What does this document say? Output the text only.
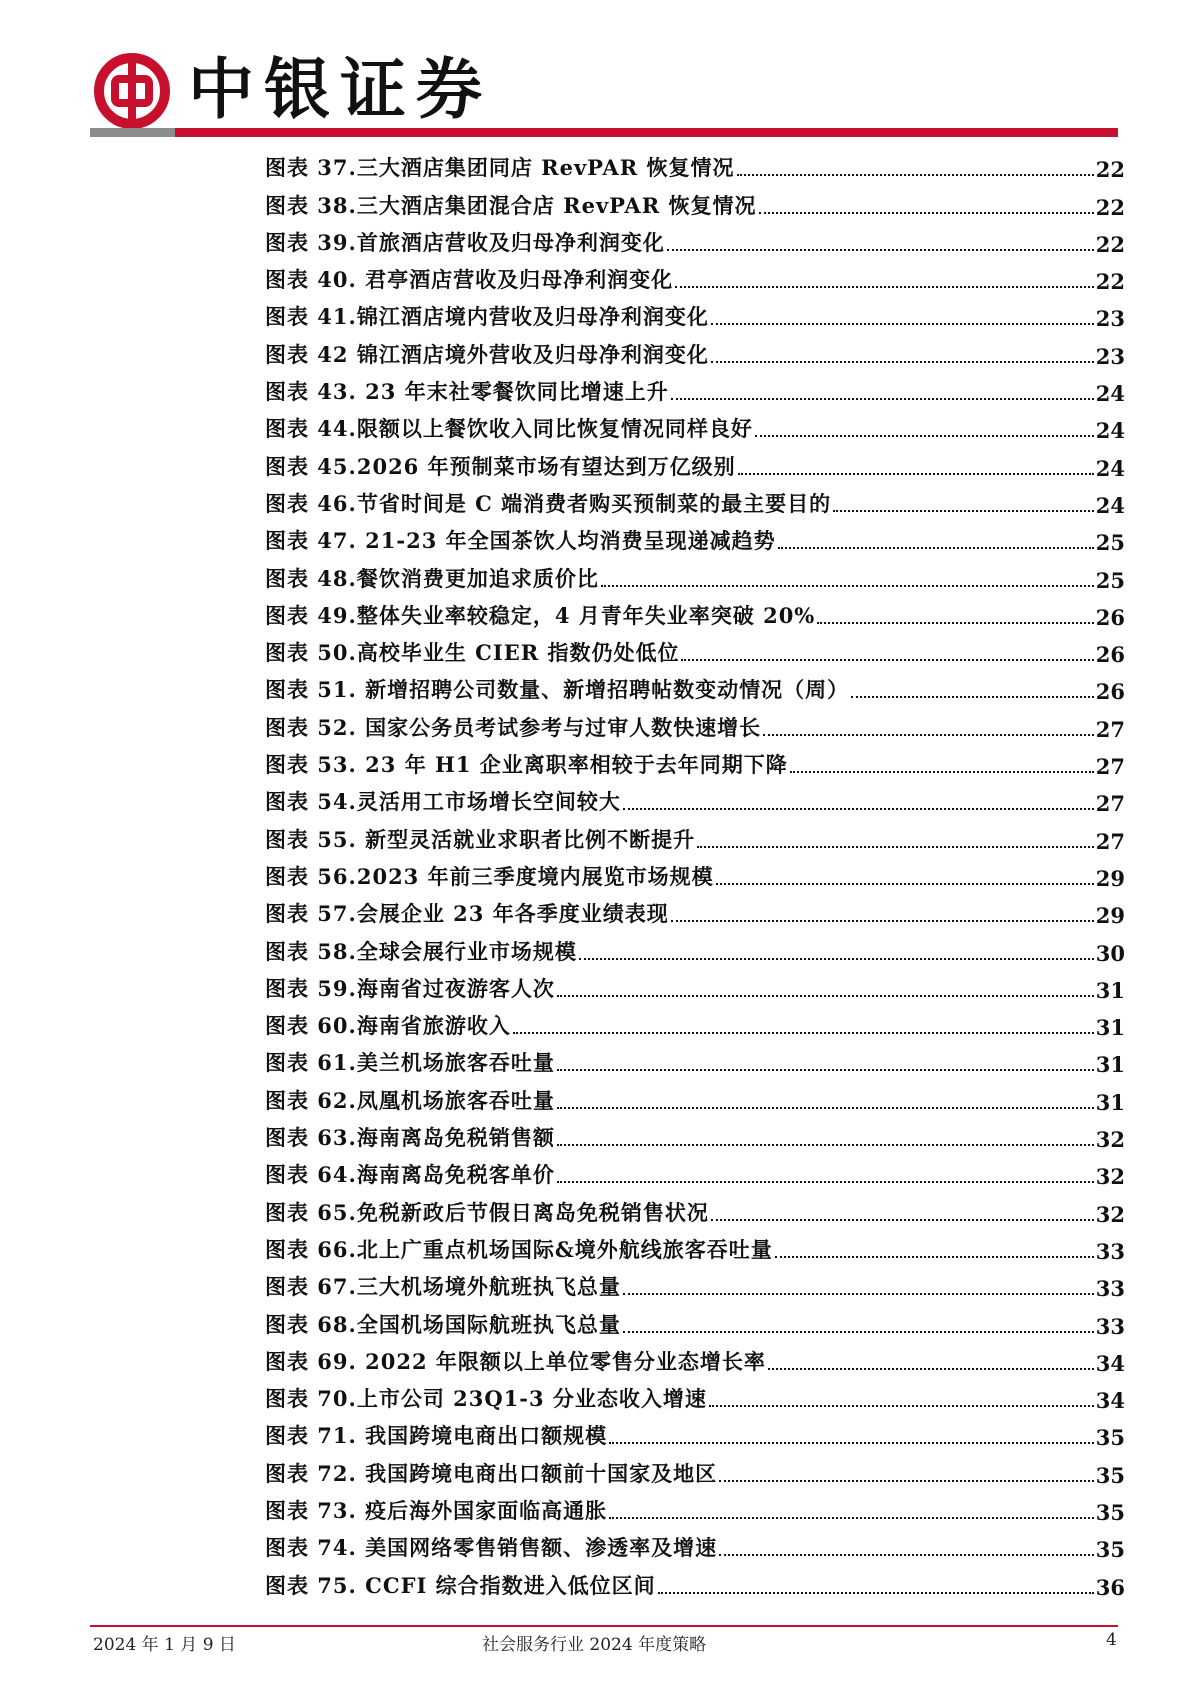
中银证券
图表 37.三大酒店集团同店 RevPAR 恢复情况	22
图表 38.三大酒店集团混合店 RevPAR 恢复情况	22
图表 39.首旅酒店营收及归母净利润变化	22
图表 40. 君亭酒店营收及归母净利润变化	22
图表 41.锦江酒店境内营收及归母净利润变化	23
图表 42 锦江酒店境外营收及归母净利润变化	23
图表 43. 23 年末社零餐饮同比增速上升	24
图表 44.限额以上餐饮收入同比恢复情况同样良好	24
图表 45.2026 年预制菜市场有望达到万亿级别	24
图表 46.节省时间是 C 端消费者购买预制菜的最主要目的	24
图表 47. 21-23 年全国茶饮人均消费呈现递减趋势	25
图表 48.餐饮消费更加追求质价比	25
图表 49.整体失业率较稳定，4 月青年失业率突破 20%	26
图表 50.高校毕业生 CIER 指数仍处低位	26
图表 51. 新增招聘公司数量、新增招聘帖数变动情况（周）	26
图表 52. 国家公务员考试参考与过审人数快速增长	27
图表 53. 23 年 H1 企业离职率相较于去年同期下降	27
图表 54.灵活用工市场增长空间较大	27
图表 55. 新型灵活就业求职者比例不断提升	27
图表 56.2023 年前三季度境内展览市场规模	29
图表 57.会展企业 23 年各季度业绩表现	29
图表 58.全球会展行业市场规模	30
图表 59.海南省过夜游客人次	31
图表 60.海南省旅游收入	31
图表 61.美兰机场旅客吞吐量	31
图表 62.凤凰机场旅客吞吐量	31
图表 63.海南离岛免税销售额	32
图表 64.海南离岛免税客单价	32
图表 65.免税新政后节假日离岛免税销售状况	32
图表 66.北上广重点机场国际&境外航线旅客吞吐量	33
图表 67.三大机场境外航班执飞总量	33
图表 68.全国机场国际航班执飞总量	33
图表 69. 2022 年限额以上单位零售分业态增长率	34
图表 70.上市公司 23Q1-3 分业态收入增速	34
图表 71. 我国跨境电商出口额规模	35
图表 72. 我国跨境电商出口额前十国家及地区	35
图表 73. 疫后海外国家面临高通胀	35
图表 74. 美国网络零售销售额、渗透率及增速	35
图表 75. CCFI 综合指数进入低位区间	36
2024 年 1 月 9 日	社会服务行业 2024 年度策略	4
